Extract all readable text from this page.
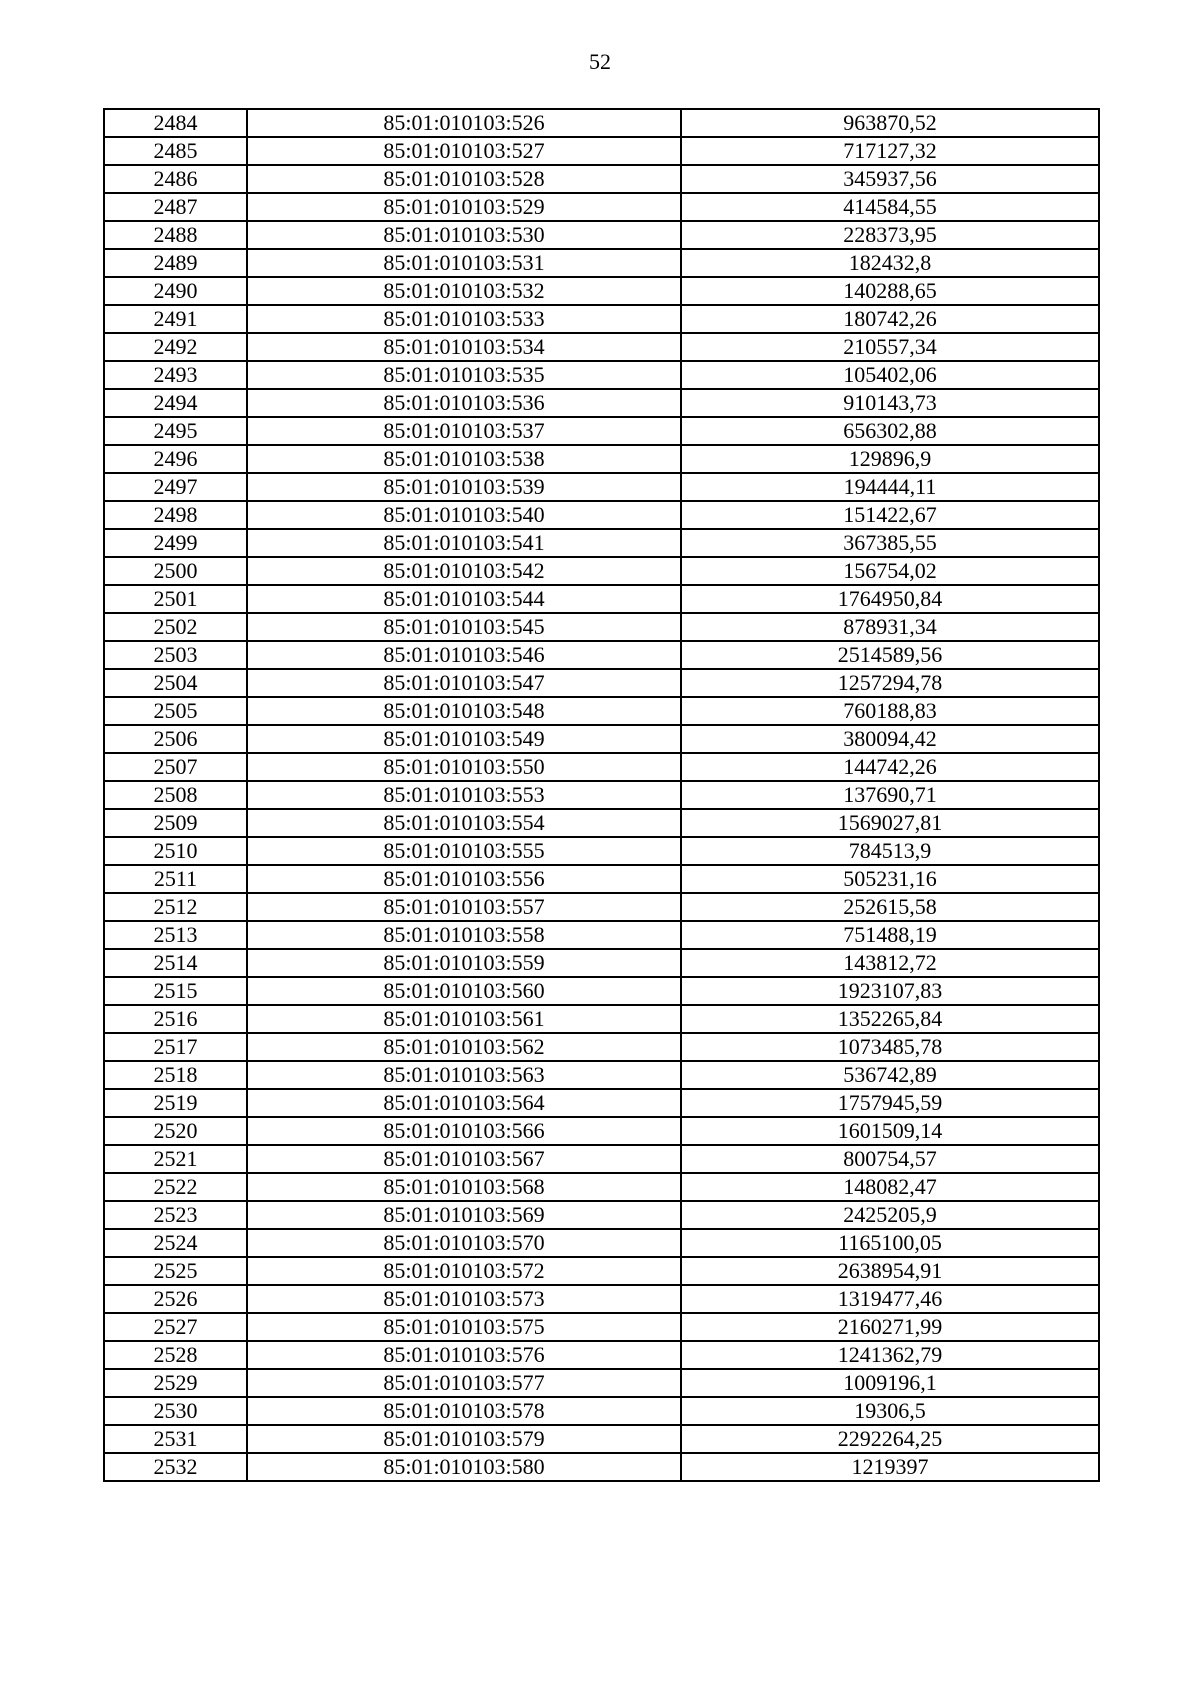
52
2484	85:01:010103:526	963870,52
2485	85:01:010103:527	717127,32
2486	85:01:010103:528	345937,56
2487	85:01:010103:529	414584,55
2488	85:01:010103:530	228373,95
2489	85:01:010103:531	182432,8
2490	85:01:010103:532	140288,65
2491	85:01:010103:533	180742,26
2492	85:01:010103:534	210557,34
2493	85:01:010103:535	105402,06
2494	85:01:010103:536	910143,73
2495	85:01:010103:537	656302,88
2496	85:01:010103:538	129896,9
2497	85:01:010103:539	194444,11
2498	85:01:010103:540	151422,67
2499	85:01:010103:541	367385,55
2500	85:01:010103:542	156754,02
2501	85:01:010103:544	1764950,84
2502	85:01:010103:545	878931,34
2503	85:01:010103:546	2514589,56
2504	85:01:010103:547	1257294,78
2505	85:01:010103:548	760188,83
2506	85:01:010103:549	380094,42
2507	85:01:010103:550	144742,26
2508	85:01:010103:553	137690,71
2509	85:01:010103:554	1569027,81
2510	85:01:010103:555	784513,9
2511	85:01:010103:556	505231,16
2512	85:01:010103:557	252615,58
2513	85:01:010103:558	751488,19
2514	85:01:010103:559	143812,72
2515	85:01:010103:560	1923107,83
2516	85:01:010103:561	1352265,84
2517	85:01:010103:562	1073485,78
2518	85:01:010103:563	536742,89
2519	85:01:010103:564	1757945,59
2520	85:01:010103:566	1601509,14
2521	85:01:010103:567	800754,57
2522	85:01:010103:568	148082,47
2523	85:01:010103:569	2425205,9
2524	85:01:010103:570	1165100,05
2525	85:01:010103:572	2638954,91
2526	85:01:010103:573	1319477,46
2527	85:01:010103:575	2160271,99
2528	85:01:010103:576	1241362,79
2529	85:01:010103:577	1009196,1
2530	85:01:010103:578	19306,5
2531	85:01:010103:579	2292264,25
2532	85:01:010103:580	1219397
